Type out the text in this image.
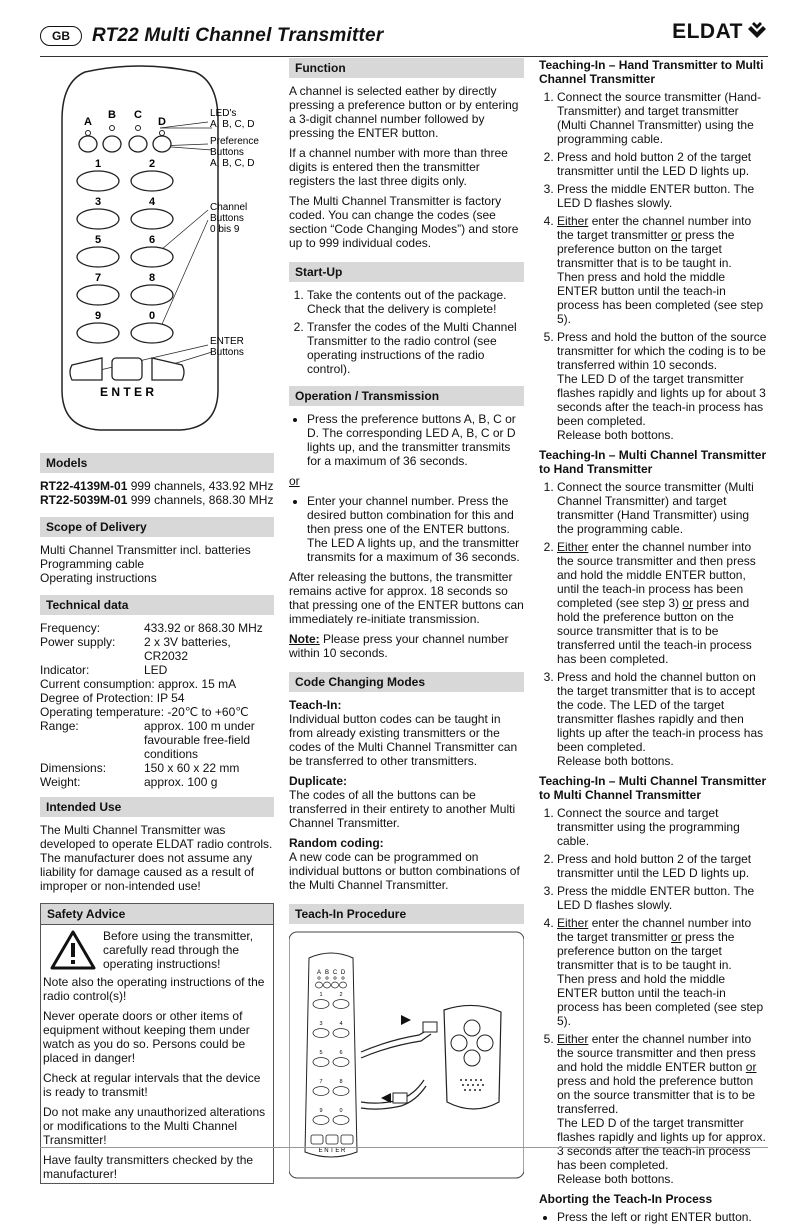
GB	RT22 Multi Channel Transmitter	ELDAT
LED's A, B, C, D
Preference Buttons A, B, C, D
Channel Buttons 0 bis 9
ENTER Buttons
A
B C
D
1	2
3	4
5	6
7	8
9	0
E N T E R
Models
RT22-4139M-01 999 channels, 433.92 MHz
RT22-5039M-01 999 channels, 868.30 MHz
Scope of Delivery
Multi Channel Transmitter incl. batteries
Programming cable
Operating instructions
Technical data
Frequency:	433.92 or 868.30 MHz
Power supply:	2 x 3V batteries, CR2032
Indicator:	LED
Current consumption: approx. 15 mA	
Degree of Protection: IP 54	
Operating temperature: -20℃ to +60℃	
Range:	approx. 100 m under favourable free-field conditions
Dimensions:	150 x 60 x 22 mm
Weight:	approx. 100 g
Intended Use

The Multi Channel Transmitter was developed to operate ELDAT radio controls. The manufacturer does not assume any liability for damage caused as a result of improper or non-intended use!

Safety Advice
Before using the transmitter, carefully read through the operating instructions!

Note also the operating instructions of the radio control(s)!

Never operate doors or other items of equipment without keeping them under watch as you do so. Persons could be placed in danger!

Check at regular intervals that the device is ready to transmit!

Do not make any unauthorized alterations or modifications to the Multi Channel Transmitter!

Have faulty transmitters checked by the manufacturer!

Function

A channel is selected eather by directly pressing a preference button or by entering a 3-digit channel number followed by pressing the ENTER button.

If a channel number with more than three digits is entered then the transmitter registers the last three digits only.

The Multi Channel Transmitter is factory coded. You can change the codes (see section “Code Changing Modes”) and store up to 999 individual codes.

Start-Up
1. Take the contents out of the package. Check that the delivery is complete!
2. Transfer the codes of the Multi Channel Transmitter to the radio control (see operating instructions of the radio control).
Operation / Transmission
• Press the preference buttons A, B, C or D. The corresponding LED A, B, C or D lights up, and the transmitter transmits for a maximum of 36 seconds.

or

• Enter your channel number. Press the desired button combination for this and then press one of the ENTER buttons. The LED A lights up, and the transmitter transmits for a maximum of 36 seconds.

After releasing the buttons, the transmitter remains active for approx. 18 seconds so that pressing one of the ENTER buttons can immediately re-initiate transmission.

Note: Please press your channel number within 10 seconds.

Code Changing Modes
Teach-In:

Individual button codes can be taught in from already existing transmitters or the codes of the Multi Channel Transmitter can be transferred to other transmitters.

Duplicate:

The codes of all the buttons can be transferred in their entirety to another Multi Channel Transmitter.

Random coding:

A new code can be programmed on individual buttons or button combinations of the Multi Channel Transmitter.

Teach-In Procedure
A B C D
1	2
3	4
5	6
7	8
9	0
E N T E R
Teaching-In – Hand Transmitter to Multi Channel Transmitter
1. Connect the source transmitter (Hand-Transmitter) and target transmitter (Multi Channel Transmitter) using the programming cable.
2. Press and hold button 2 of the target transmitter until the LED D lights up.
3. Press the middle ENTER button. The LED D flashes slowly.
4. Either enter the channel number into the target transmitter or press the preference button on the target transmitter that is to be taught in.
Then press and hold the middle ENTER button until the teach-in process has been completed (see step 5).
5. Press and hold the button of the source transmitter for which the coding is to be transferred within 10 seconds.
The LED D of the target transmitter flashes rapidly and lights up for about 3 seconds after the teach-in process has been completed.
Release both bottons.
Teaching-In – Multi Channel Transmitter to Hand Transmitter
1. Connect the source transmitter (Multi Channel Transmitter) and target transmitter (Hand Transmitter) using the programming cable.
2. Either enter the channel number into the source transmitter and then press and hold the middle ENTER button, until the teach-in process has been completed (see step 3) or press and hold the preference button on the source transmitter that is to be transferred until the teach-in process has been completed.
3. Press and hold the channel button on the target transmitter that is to accept the code. The LED of the target transmitter flashes rapidly and then lights up after the teach-in process has been completed.
Release both bottons.
Teaching-In – Multi Channel Transmitter to Multi Channel Transmitter
1. Connect the source and target transmitter using the programming cable.
2. Press and hold button 2 of the target transmitter until the LED D lights up.
3. Press the middle ENTER button. The LED D flashes slowly.
4. Either enter the channel number into the target transmitter or press the preference button on the target transmitter that is to be taught in.
Then press and hold the middle ENTER button until the teach-in process has been completed (see step 5).
5. Either enter the channel number into the source transmitter and then press and hold the middle ENTER button or press and hold the preference button on the source transmitter that is to be transferred.
The LED D of the target transmitter flashes rapidly and lights up for approx. 3 seconds after the teach-in process has been completed.
Release both bottons.
Aborting the Teach-In Process
• Press the left or right ENTER button.
